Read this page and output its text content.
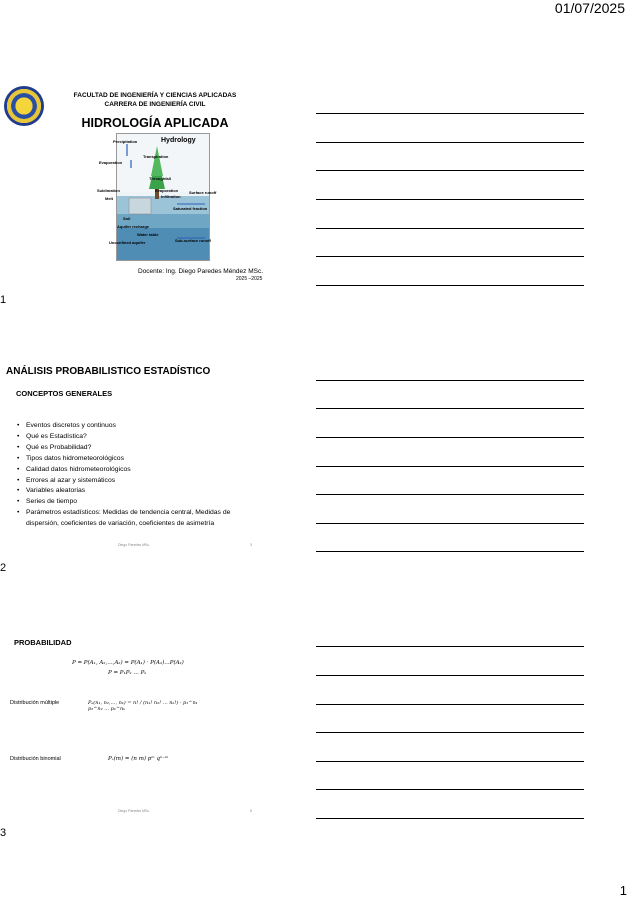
01/07/2025
1
FACULTAD DE INGENIERÍA Y CIENCIAS APLICADAS
CARRERA DE INGENIERÍA CIVIL
HIDROLOGÍA APLICADA
Hydrology
Precipitation
Transpiration
Evaporation
Throughfall
Sublimation
Melt
Evaporation
Infiltration
Surface runoff
Saturated fraction
Soil
Aquifer recharge
Water table
Unconfined aquifer	Sub-surface runoff
Docente: Ing. Diego Paredes Méndez MSc.
2025 –2025
1
ANÁLISIS PROBABILISTICO ESTADÍSTICO
CONCEPTOS GENERALES
• Eventos discretos y continuos
• Qué es Estadística?
• Qué es Probabilidad?
• Tipos datos hidrometeorológicos
• Calidad datos hidrometeorológicos
• Errores al azar y sistemáticos
• Variables aleatorias
• Series de tiempo
• Parámetros estadísticos: Medidas de tendencia central, Medidas de dispersión, coeficientes de variación, coeficientes de asimetría
Diego Paredes MSc.	3
2
PROBABILIDAD
P = P(A₁, A₂,…,Aₖ) = P(A₁) · P(A₂)…P(Aₖ)
P = P₁P₂ … Pₖ
Distribución múltiple	Pₑ(n₁, n₂,…, nₖ) = n! / (n₁! n₂! … nₖ!) · p₁^n₁ p₂^n₂ … pₖ^nₖ
Distribución binomial	Pₓ(m) = (n m) pᵐ qⁿ⁻ᵐ
Diego Paredes MSc.	5
3
